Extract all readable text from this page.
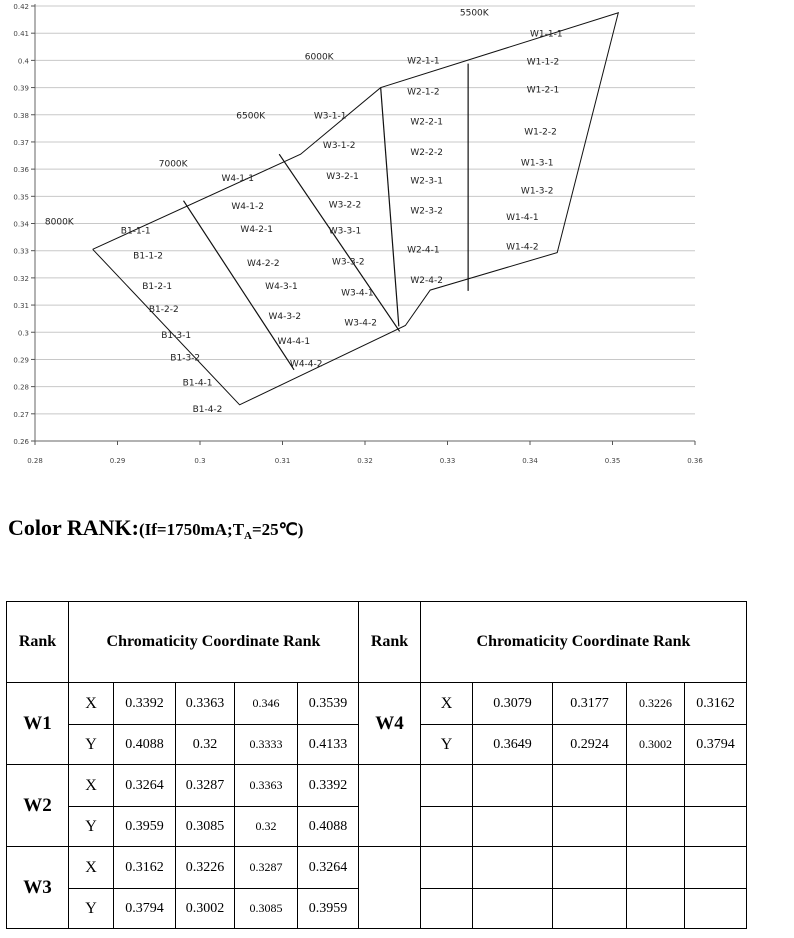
0.26
0.27
0.28
0.29
0.3
0.31
0.32
0.33
0.34
0.35
0.36
0.37
0.38
0.39
0.4
0.41
0.42
0.28	0.29	0.3	0.31	0.32	0.33	0.34	0.35	0.36
5500K
6000K
6500K
7000K
8000K
W1-1-1
W1-1-2
W1-2-1
W1-2-2
W1-3-1
W1-3-2
W1-4-1
W1-4-2
W2-1-1
W2-1-2
W2-2-1
W2-2-2
W2-3-1
W2-3-2
W2-4-1
W2-4-2
W3-1-1
W3-1-2
W3-2-1
W3-2-2
W3-3-1
W3-3-2
W3-4-1
W3-4-2
W4-1-1
W4-1-2
W4-2-1
W4-2-2
W4-3-1
W4-3-2
W4-4-1
W4-4-2
B1-1-1
B1-1-2
B1-2-1
B1-2-2
B1-3-1
B1-3-2
B1-4-1
B1-4-2
Color $RANK:(If=1750mA;T_A=25℃)$
Rank	Chromaticity Coordinate Rank					Rank	Chromaticity Coordinate Rank				
W1	X	0.3392	0.3363	0.346	0.3539	W4	X	0.3079	0.3177	0.3226	0.3162
	Y	0.4088	0.32	0.3333	0.4133		Y	0.3649	0.2924	0.3002	0.3794
W2	X	0.3264	0.3287	0.3363	0.3392						
	Y	0.3959	0.3085	0.32	0.4088						
W3	X	0.3162	0.3226	0.3287	0.3264						
	Y	0.3794	0.3002	0.3085	0.3959						
